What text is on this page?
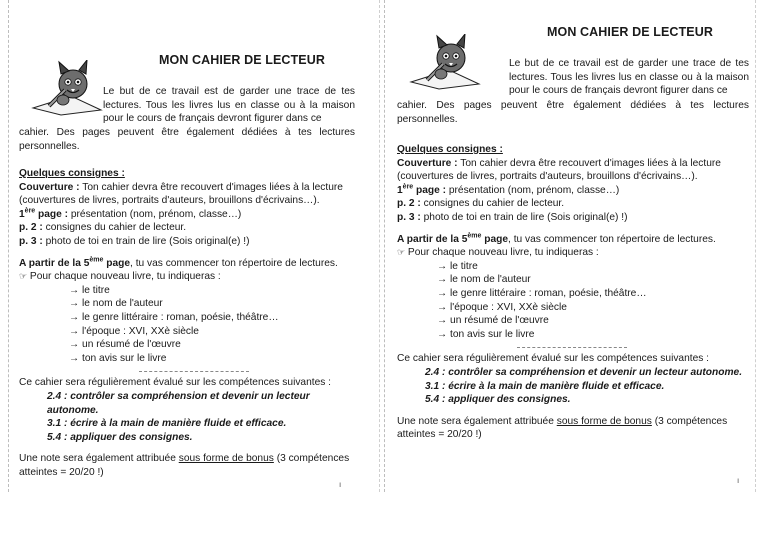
MON CAHIER DE LECTEUR
Le but de ce travail est de garder une trace de tes lectures. Tous les livres lus en classe ou à la maison pour le cours de français devront figurer dans ce
cahier. Des pages peuvent être également dédiées à tes lectures personnelles.
Quelques consignes :
Couverture : Ton cahier devra être recouvert d'images liées à la lecture (couvertures de livres, portraits d'auteurs, brouillons d'écrivains…).
1ère page : présentation (nom, prénom, classe…)
p. 2 : consignes du cahier de lecteur.
p. 3 : photo de toi en train de lire (Sois original(e) !)
A partir de la 5ème page, tu vas commencer ton répertoire de lectures.
☞ Pour chaque nouveau livre, tu indiqueras :
→ le titre
→ le nom de l'auteur
→ le genre littéraire : roman, poésie, théâtre…
→ l'époque : XVI, XXè siècle
→ un résumé de l'œuvre
→ ton avis sur le livre
Ce cahier sera régulièrement évalué sur les compétences suivantes :
2.4 : contrôler sa compréhension et devenir un lecteur autonome.
3.1 : écrire à la main de manière fluide et efficace.
5.4 : appliquer des consignes.
Une note sera également attribuée sous forme de bonus (3 compétences atteintes = 20/20 !)
ı
MON CAHIER DE LECTEUR
Le but de ce travail est de garder une trace de tes lectures. Tous les livres lus en classe ou à la maison pour le cours de français devront figurer dans ce
cahier. Des pages peuvent être également dédiées à tes lectures personnelles.
Quelques consignes :
Couverture : Ton cahier devra être recouvert d'images liées à la lecture (couvertures de livres, portraits d'auteurs, brouillons d'écrivains…).
1ère page : présentation (nom, prénom, classe…)
p. 2 : consignes du cahier de lecteur.
p. 3 : photo de toi en train de lire (Sois original(e) !)
A partir de la 5ème page, tu vas commencer ton répertoire de lectures.
☞ Pour chaque nouveau livre, tu indiqueras :
→ le titre
→ le nom de l'auteur
→ le genre littéraire : roman, poésie, théâtre…
→ l'époque : XVI, XXè siècle
→ un résumé de l'œuvre
→ ton avis sur le livre
Ce cahier sera régulièrement évalué sur les compétences suivantes :
2.4 : contrôler sa compréhension et devenir un lecteur autonome.
3.1 : écrire à la main de manière fluide et efficace.
5.4 : appliquer des consignes.
Une note sera également attribuée sous forme de bonus (3 compétences atteintes = 20/20 !)
ı
